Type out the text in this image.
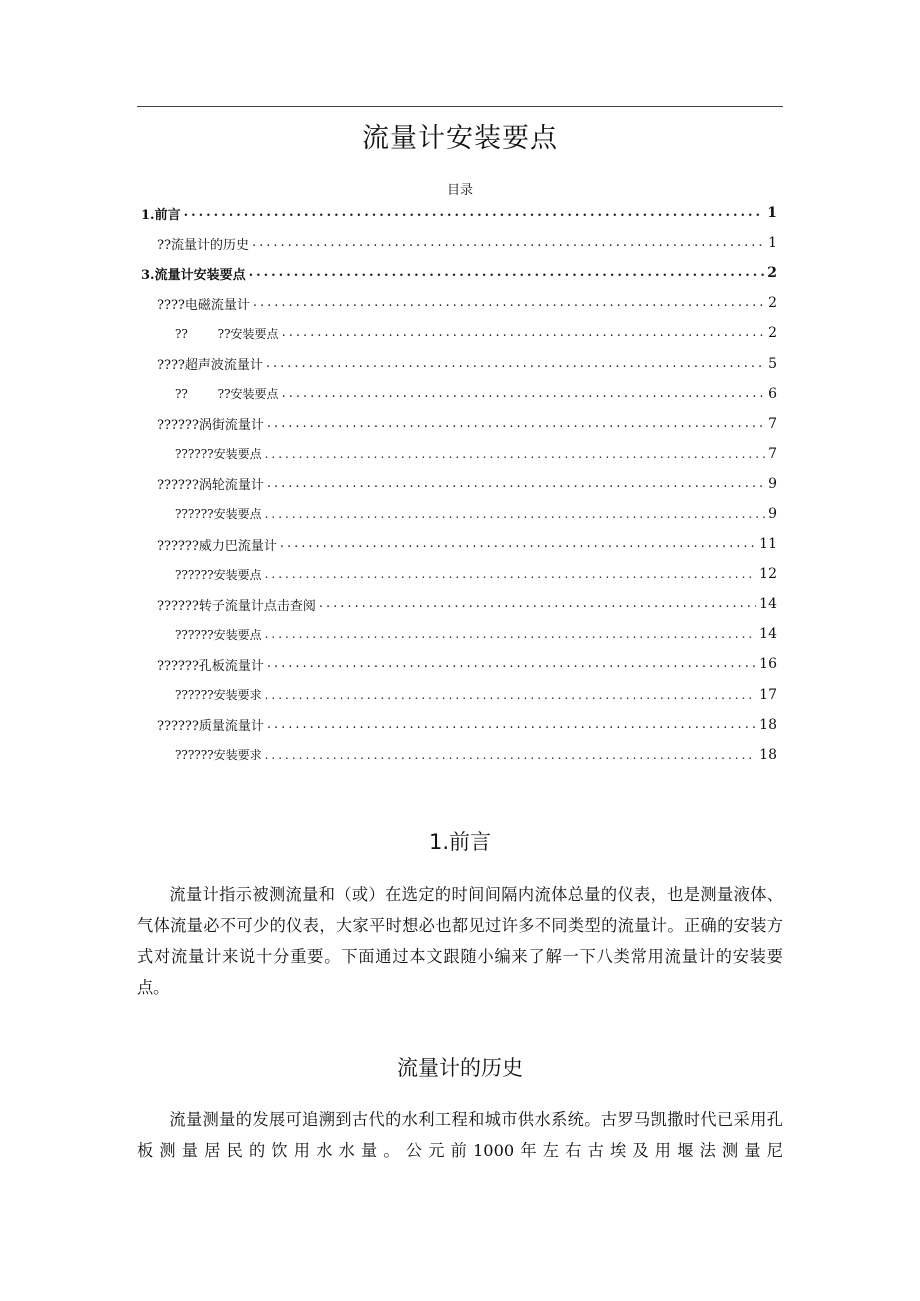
流量计安装要点
目录
1.前言 .....	1
??流量计的历史 .....	1
3.流量计安装要点 .....	2
????电磁流量计 .....	2
?? ??安装要点 .....	2
????超声波流量计 .....	5
?? ??安装要点 .....	6
??????涡街流量计 .....	7
??????安装要点 .....	7
??????涡轮流量计 .....	9
??????安装要点 .....	9
??????威力巴流量计 .....	11
??????安装要点 .....	12
??????转子流量计点击查阅 .....	14
??????安装要点 .....	14
??????孔板流量计 .....	16
??????安装要求 .....	17
??????质量流量计 .....	18
??????安装要求 .....	18
1.前言

流量计指示被测流量和（或）在选定的时间间隔内流体总量的仪表，也是测量液体、气体流量必不可少的仪表，大家平时想必也都见过许多不同类型的流量计。正确的安装方式对流量计来说十分重要。下面通过本文跟随小编来了解一下八类常用流量计的安装要点。

流量计的历史

流量测量的发展可追溯到古代的水利工程和城市供水系统。古罗马凯撒时代已采用孔板测量居民的饮用水水量。公元前1000年左右古埃及用堰法测量尼
